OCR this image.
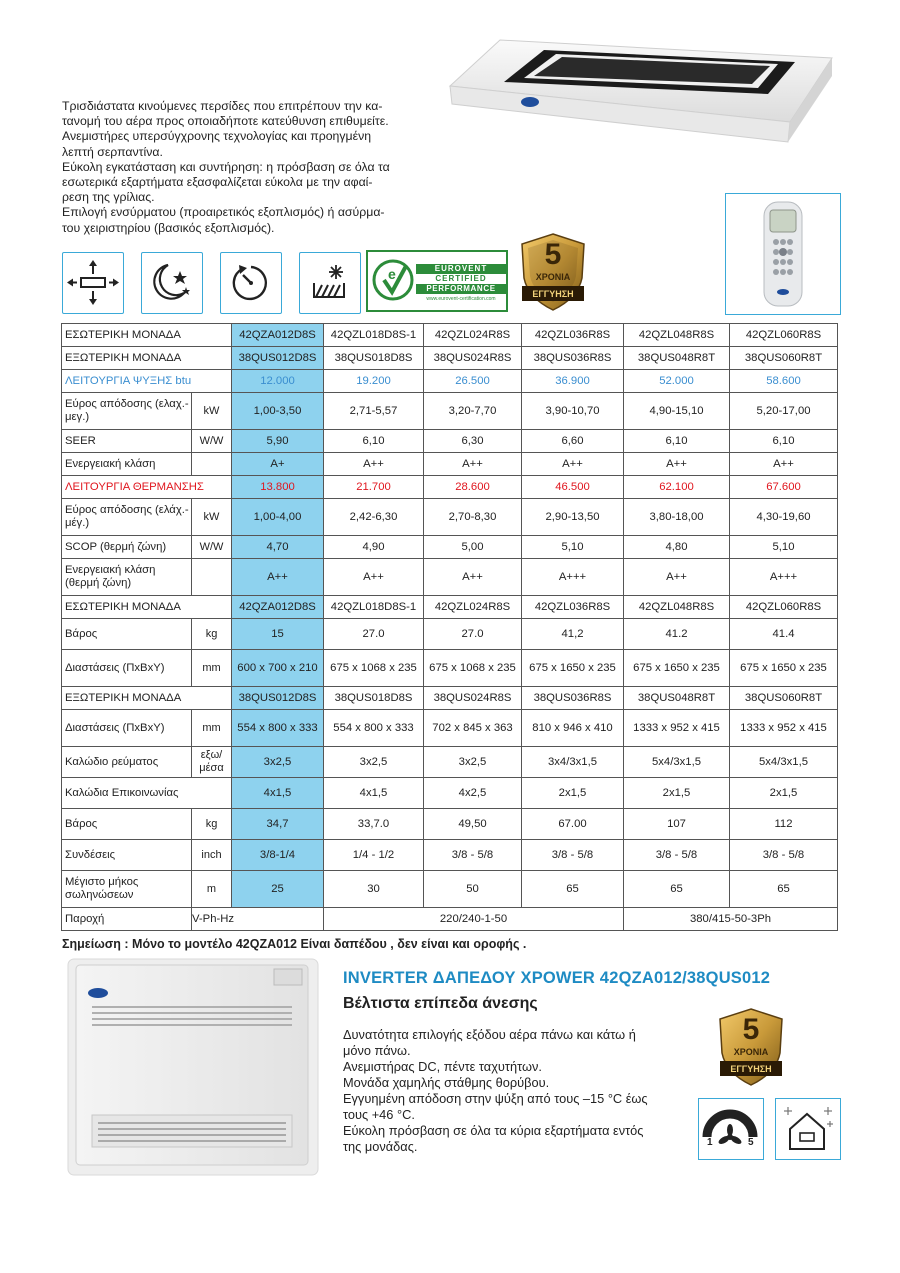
Τρισδιάστατα κινούμενες περσίδες που επιτρέπουν την κα-
τανομή του αέρα προς οποιαδήποτε κατεύθυνση επιθυμείτε.
Ανεμιστήρες υπερσύγχρονης τεχνολογίας και προηγμένη
λεπτή σερπαντίνα.
Εύκολη εγκατάσταση και συντήρηση: η πρόσβαση σε όλα τα
εσωτερικά εξαρτήματα εξασφαλίζεται εύκολα με την αφαί-
ρεση της γρίλιας.
Επιλογή ενσύρματου (προαιρετικός εξοπλισμός) ή ασύρμα-
του χειριστηρίου (βασικός εξοπλισμός).
e	EUROVENT
CERTIFIED
PERFORMANCE
www.eurovent-certification.com
5
ΧΡΟΝΙΑ
ΕΓΓΥΗΣΗ
ΕΣΩΤΕΡΙΚΗ ΜΟΝΑΔΑ		42QZA012D8S	42QZL018D8S-1	42QZL024R8S	42QZL036R8S	42QZL048R8S	42QZL060R8S
ΕΞΩΤΕΡΙΚΗ ΜΟΝΑΔΑ		38QUS012D8S	38QUS018D8S	38QUS024R8S	38QUS036R8S	38QUS048R8T	38QUS060R8T
ΛΕΙΤΟΥΡΓΙΑ ΨΥΞΗΣ btu		12.000	19.200	26.500	36.900	52.000	58.600
Εύρος απόδοσης (ελαχ.-μεγ.)	kW	1,00-3,50	2,71-5,57	3,20-7,70	3,90-10,70	4,90-15,10	5,20-17,00
SEER	W/W	5,90	6,10	6,30	6,60	6,10	6,10
Ενεργειακή κλάση		A+	A++	A++	A++	A++	A++
ΛΕΙΤΟΥΡΓΙΑ ΘΕΡΜΑΝΣΗΣ		13.800	21.700	28.600	46.500	62.100	67.600
Εύρος απόδοσης (ελάχ.-μέγ.)	kW	1,00-4,00	2,42-6,30	2,70-8,30	2,90-13,50	3,80-18,00	4,30-19,60
SCOP (θερμή ζώνη)	W/W	4,70	4,90	5,00	5,10	4,80	5,10
Ενεργειακή κλάση (θερμή ζώνη)		A++	A++	A++	A+++	A++	A+++
ΕΣΩΤΕΡΙΚΗ ΜΟΝΑΔΑ		42QZA012D8S	42QZL018D8S-1	42QZL024R8S	42QZL036R8S	42QZL048R8S	42QZL060R8S
Βάρος	kg	15	27.0	27.0	41,2	41.2	41.4
Διαστάσεις (ΠxΒxΥ)	mm	600 x 700 x 210	675 x 1068 x 235	675 x 1068 x 235	675 x 1650 x 235	675 x 1650 x 235	675 x 1650 x 235
ΕΞΩΤΕΡΙΚΗ ΜΟΝΑΔΑ		38QUS012D8S	38QUS018D8S	38QUS024R8S	38QUS036R8S	38QUS048R8T	38QUS060R8T
Διαστάσεις (ΠxΒxΥ)	mm	554 x 800 x 333	554 x 800 x 333	702 x 845 x 363	810 x 946 x 410	1333 x 952 x 415	1333 x 952 x 415
Καλώδιο ρεύματος	εξω/ μέσα	3x2,5	3x2,5	3x2,5	3x4/3x1,5	5x4/3x1,5	5x4/3x1,5
Καλώδια Επικοινωνίας		4x1,5	4x1,5	4x2,5	2x1,5	2x1,5	2x1,5
Βάρος	kg	34,7	33,7.0	49,50	67.00	107	112
Συνδέσεις	inch	3/8-1/4	1/4 - 1/2	3/8 - 5/8	3/8 - 5/8	3/8 - 5/8	3/8 - 5/8
Μέγιστο μήκος σωληνώσεων	m	25	30	50	65	65	65
Παροχή	V-Ph-Hz		220/240-1-50			380/415-50-3Ph	
Σημείωση : Μόνο το μοντέλο 42QZA012 Είναι δαπέδου , δεν είναι και οροφής .
INVERTER ΔΑΠΕΔΟΥ XPOWER 42QZA012/38QUS012
Βέλτιστα επίπεδα άνεσης
Δυνατότητα επιλογής εξόδου αέρα πάνω και κάτω ή
μόνο πάνω.
Ανεμιστήρας DC, πέντε ταχυτήτων.
Μονάδα χαμηλής στάθμης θορύβου.
Εγγυημένη απόδοση στην ψύξη από τους –15 °C έως
τους +46 °C.
Εύκολη πρόσβαση σε όλα τα κύρια εξαρτήματα εντός
της μονάδας.
5
ΧΡΟΝΙΑ
ΕΓΓΥΗΣΗ
1	5
